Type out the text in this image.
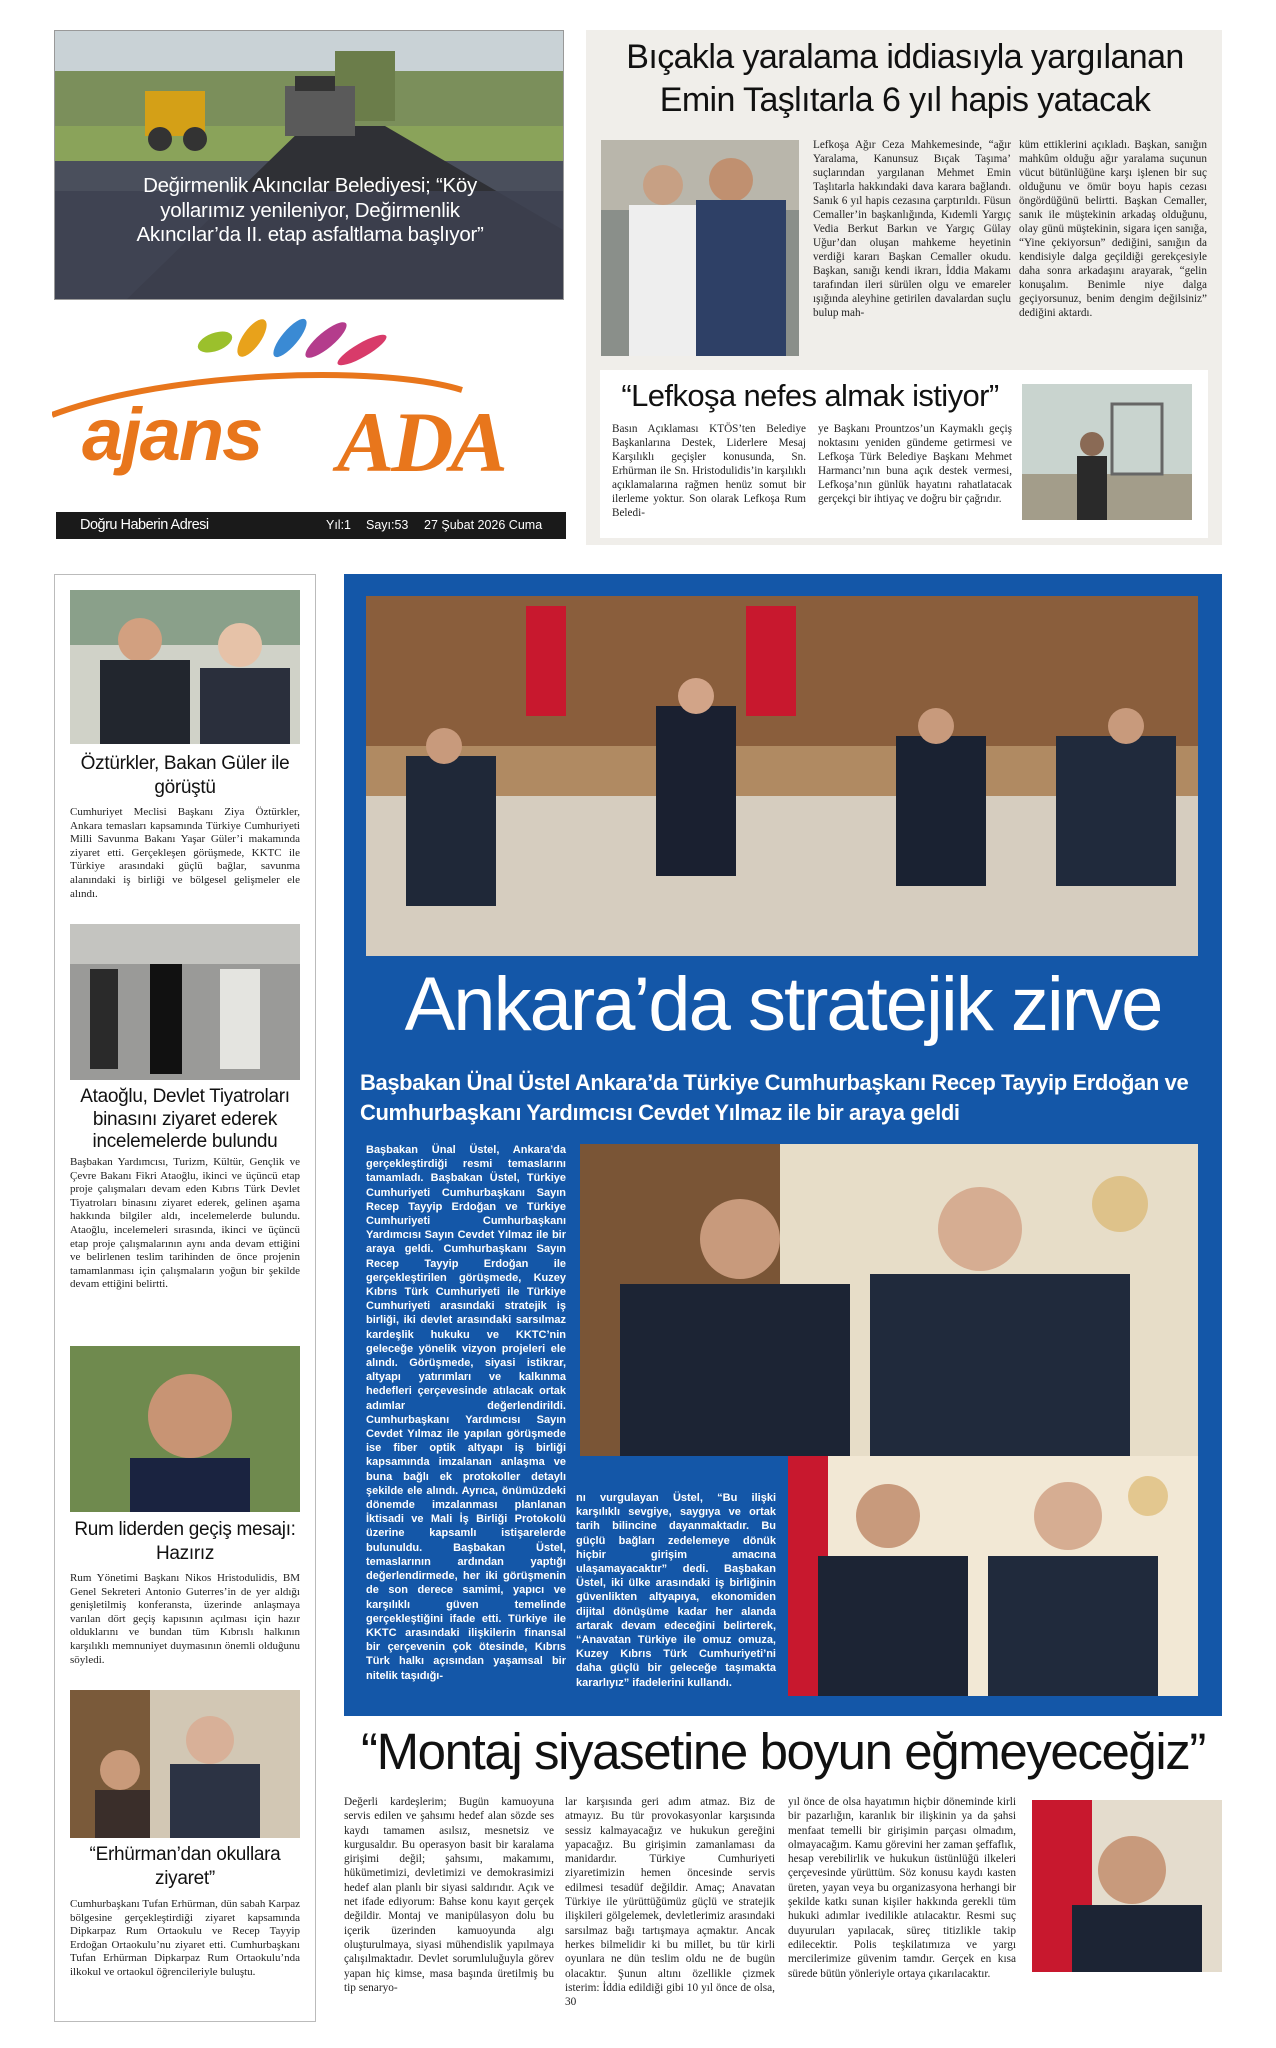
Değirmenlik Akıncılar Belediyesi; “Köy yollarımız yenileniyor, Değirmenlik Akıncılar’da II. etap asfaltlama başlıyor”
ajans ADA
Doğru Haberin Adresi	Yıl:1 Sayı:53 27 Şubat 2026 Cuma
Bıçakla yaralama iddiasıyla yargılanan Emin Taşlıtarla 6 yıl hapis yatacak
Lefkoşa Ağır Ceza Mahkemesinde, “ağır Yaralama, Kanunsuz Bıçak Taşıma’ suçlarından yargılanan Mehmet Emin Taşlıtarla hakkındaki dava karara bağlandı. Sanık 6 yıl hapis cezasına çarptırıldı. Füsun Cemaller’in başkanlığında, Kıdemli Yargıç Vedia Berkut Barkın ve Yargıç Gülay Uğur’dan oluşan mahkeme heyetinin verdiği kararı Başkan Cemaller okudu. Başkan, sanığı kendi ikrarı, İddia Makamı tarafından ileri sürülen olgu ve emareler ışığında aleyhine getirilen davalardan suçlu bulup mah-
küm ettiklerini açıkladı. Başkan, sanığın mahkûm olduğu ağır yaralama suçunun vücut bütünlüğüne karşı işlenen bir suç olduğunu ve ömür boyu hapis cezası öngördüğünü belirtti. Başkan Cemaller, sanık ile müştekinin arkadaş olduğunu, olay günü müştekinin, sigara içen sanığa, “Yine çekiyorsun” dediğini, sanığın da kendisiyle dalga geçildiği gerekçesiyle daha sonra arkadaşını arayarak, “gelin konuşalım. Benimle niye dalga geçiyorsunuz, benim dengim değilsiniz” dediğini aktardı.
“Lefkoşa nefes almak istiyor”
Basın Açıklaması KTÖS’ten Belediye Başkanlarına Destek, Liderlere Mesaj Karşılıklı geçişler konusunda, Sn. Erhürman ile Sn. Hristodulidis’in karşılıklı açıklamalarına rağmen henüz somut bir ilerleme yoktur. Son olarak Lefkoşa Rum Beledi-
ye Başkanı Prountzos’un Kaymaklı geçiş noktasını yeniden gündeme getirmesi ve Lefkoşa Türk Belediye Başkanı Mehmet Harmancı’nın buna açık destek vermesi, Lefkoşa’nın günlük hayatını rahatlatacak gerçekçi bir ihtiyaç ve doğru bir çağrıdır.
Öztürkler, Bakan Güler ile görüştü
Cumhuriyet Meclisi Başkanı Ziya Öztürkler, Ankara temasları kapsamında Türkiye Cumhuriyeti Milli Savunma Bakanı Yaşar Güler’i makamında ziyaret etti. Gerçekleşen görüşmede, KKTC ile Türkiye arasındaki güçlü bağlar, savunma alanındaki iş birliği ve bölgesel gelişmeler ele alındı.
Ataoğlu, Devlet Tiyatroları binasını ziyaret ederek incelemelerde bulundu
Başbakan Yardımcısı, Turizm, Kültür, Gençlik ve Çevre Bakanı Fikri Ataoğlu, ikinci ve üçüncü etap proje çalışmaları devam eden Kıbrıs Türk Devlet Tiyatroları binasını ziyaret ederek, gelinen aşama hakkında bilgiler aldı, incelemelerde bulundu. Ataoğlu, incelemeleri sırasında, ikinci ve üçüncü etap proje çalışmalarının aynı anda devam ettiğini ve belirlenen teslim tarihinden de önce projenin tamamlanması için çalışmaların yoğun bir şekilde devam ettiğini belirtti.
Rum liderden geçiş mesajı: Hazırız
Rum Yönetimi Başkanı Nikos Hristodulidis, BM Genel Sekreteri Antonio Guterres’in de yer aldığı genişletilmiş konferansta, üzerinde anlaşmaya varılan dört geçiş kapısının açılması için hazır olduklarını ve bundan tüm Kıbrıslı halkının karşılıklı memnuniyet duymasının önemli olduğunu söyledi.
“Erhürman’dan okullara ziyaret”
Cumhurbaşkanı Tufan Erhürman, dün sabah Karpaz bölgesine gerçekleştirdiği ziyaret kapsamında Dipkarpaz Rum Ortaokulu ve Recep Tayyip Erdoğan Ortaokulu’nu ziyaret etti. Cumhurbaşkanı Tufan Erhürman Dipkarpaz Rum Ortaokulu’nda ilkokul ve ortaokul öğrencileriyle buluştu.
Ankara’da stratejik zirve
Başbakan Ünal Üstel Ankara’da Türkiye Cumhurbaşkanı Recep Tayyip Erdoğan ve Cumhurbaşkanı Yardımcısı Cevdet Yılmaz ile bir araya geldi
Başbakan Ünal Üstel, Ankara’da gerçekleştirdiği resmi temaslarını tamamladı. Başbakan Üstel, Türkiye Cumhuriyeti Cumhurbaşkanı Sayın Recep Tayyip Erdoğan ve Türkiye Cumhuriyeti Cumhurbaşkanı Yardımcısı Sayın Cevdet Yılmaz ile bir araya geldi. Cumhurbaşkanı Sayın Recep Tayyip Erdoğan ile gerçekleştirilen görüşmede, Kuzey Kıbrıs Türk Cumhuriyeti ile Türkiye Cumhuriyeti arasındaki stratejik iş birliği, iki devlet arasındaki sarsılmaz kardeşlik hukuku ve KKTC’nin geleceğe yönelik vizyon projeleri ele alındı. Görüşmede, siyasi istikrar, altyapı yatırımları ve kalkınma hedefleri çerçevesinde atılacak ortak adımlar değerlendirildi. Cumhurbaşkanı Yardımcısı Sayın Cevdet Yılmaz ile yapılan görüşmede ise fiber optik altyapı iş birliği kapsamında imzalanan anlaşma ve buna bağlı ek protokoller detaylı şekilde ele alındı. Ayrıca, önümüzdeki dönemde imzalanması planlanan İktisadi ve Mali İş Birliği Protokolü üzerine kapsamlı istişarelerde bulunuldu. Başbakan Üstel, temaslarının ardından yaptığı değerlendirmede, her iki görüşmenin de son derece samimi, yapıcı ve karşılıklı güven temelinde gerçekleştiğini ifade etti. Türkiye ile KKTC arasındaki ilişkilerin finansal bir çerçevenin çok ötesinde, Kıbrıs Türk halkı açısından yaşamsal bir nitelik taşıdığı-
nı vurgulayan Üstel, “Bu ilişki karşılıklı sevgiye, saygıya ve ortak tarih bilincine dayanmaktadır. Bu güçlü bağları zedelemeye dönük hiçbir girişim amacına ulaşamayacaktır” dedi. Başbakan Üstel, iki ülke arasındaki iş birliğinin güvenlikten altyapıya, ekonomiden dijital dönüşüme kadar her alanda artarak devam edeceğini belirterek, “Anavatan Türkiye ile omuz omuza, Kuzey Kıbrıs Türk Cumhuriyeti’ni daha güçlü bir geleceğe taşımakta kararlıyız” ifadelerini kullandı.
“Montaj siyasetine boyun eğmeyeceğiz”
Değerli kardeşlerim; Bugün kamuoyuna servis edilen ve şahsımı hedef alan sözde ses kaydı tamamen asılsız, mesnetsiz ve kurgusaldır. Bu operasyon basit bir karalama girişimi değil; şahsımı, makamımı, hükümetimizi, devletimizi ve demokrasimizi hedef alan planlı bir siyasi saldırıdır. Açık ve net ifade ediyorum: Bahse konu kayıt gerçek değildir. Montaj ve manipülasyon dolu bu içerik üzerinden kamuoyunda algı oluşturulmaya, siyasi mühendislik yapılmaya çalışılmaktadır. Devlet sorumluluğuyla görev yapan hiç kimse, masa başında üretilmiş bu tip senaryo-
lar karşısında geri adım atmaz. Biz de atmayız. Bu tür provokasyonlar karşısında sessiz kalmayacağız ve hukukun gereğini yapacağız. Bu girişimin zamanlaması da manidardır. Türkiye Cumhuriyeti ziyaretimizin hemen öncesinde servis edilmesi tesadüf değildir. Amaç; Anavatan Türkiye ile yürüttüğümüz güçlü ve stratejik ilişkileri gölgelemek, devletlerimiz arasındaki sarsılmaz bağı tartışmaya açmaktır. Ancak herkes bilmelidir ki bu millet, bu tür kirli oyunlara ne dün teslim oldu ne de bugün olacaktır. Şunun altını özellikle çizmek isterim: İddia edildiği gibi 10 yıl önce de olsa, 30
yıl önce de olsa hayatımın hiçbir döneminde kirli bir pazarlığın, karanlık bir ilişkinin ya da şahsi menfaat temelli bir girişimin parçası olmadım, olmayacağım. Kamu görevini her zaman şeffaflık, hesap verebilirlik ve hukukun üstünlüğü ilkeleri çerçevesinde yürüttüm. Söz konusu kaydı kasten üreten, yayan veya bu organizasyona herhangi bir şekilde katkı sunan kişiler hakkında gerekli tüm hukuki adımlar ivedilikle atılacaktır. Resmi suç duyuruları yapılacak, süreç titizlikle takip edilecektir. Polis teşkilatımıza ve yargı mercilerimize güvenim tamdır. Gerçek en kısa sürede bütün yönleriyle ortaya çıkarılacaktır.
